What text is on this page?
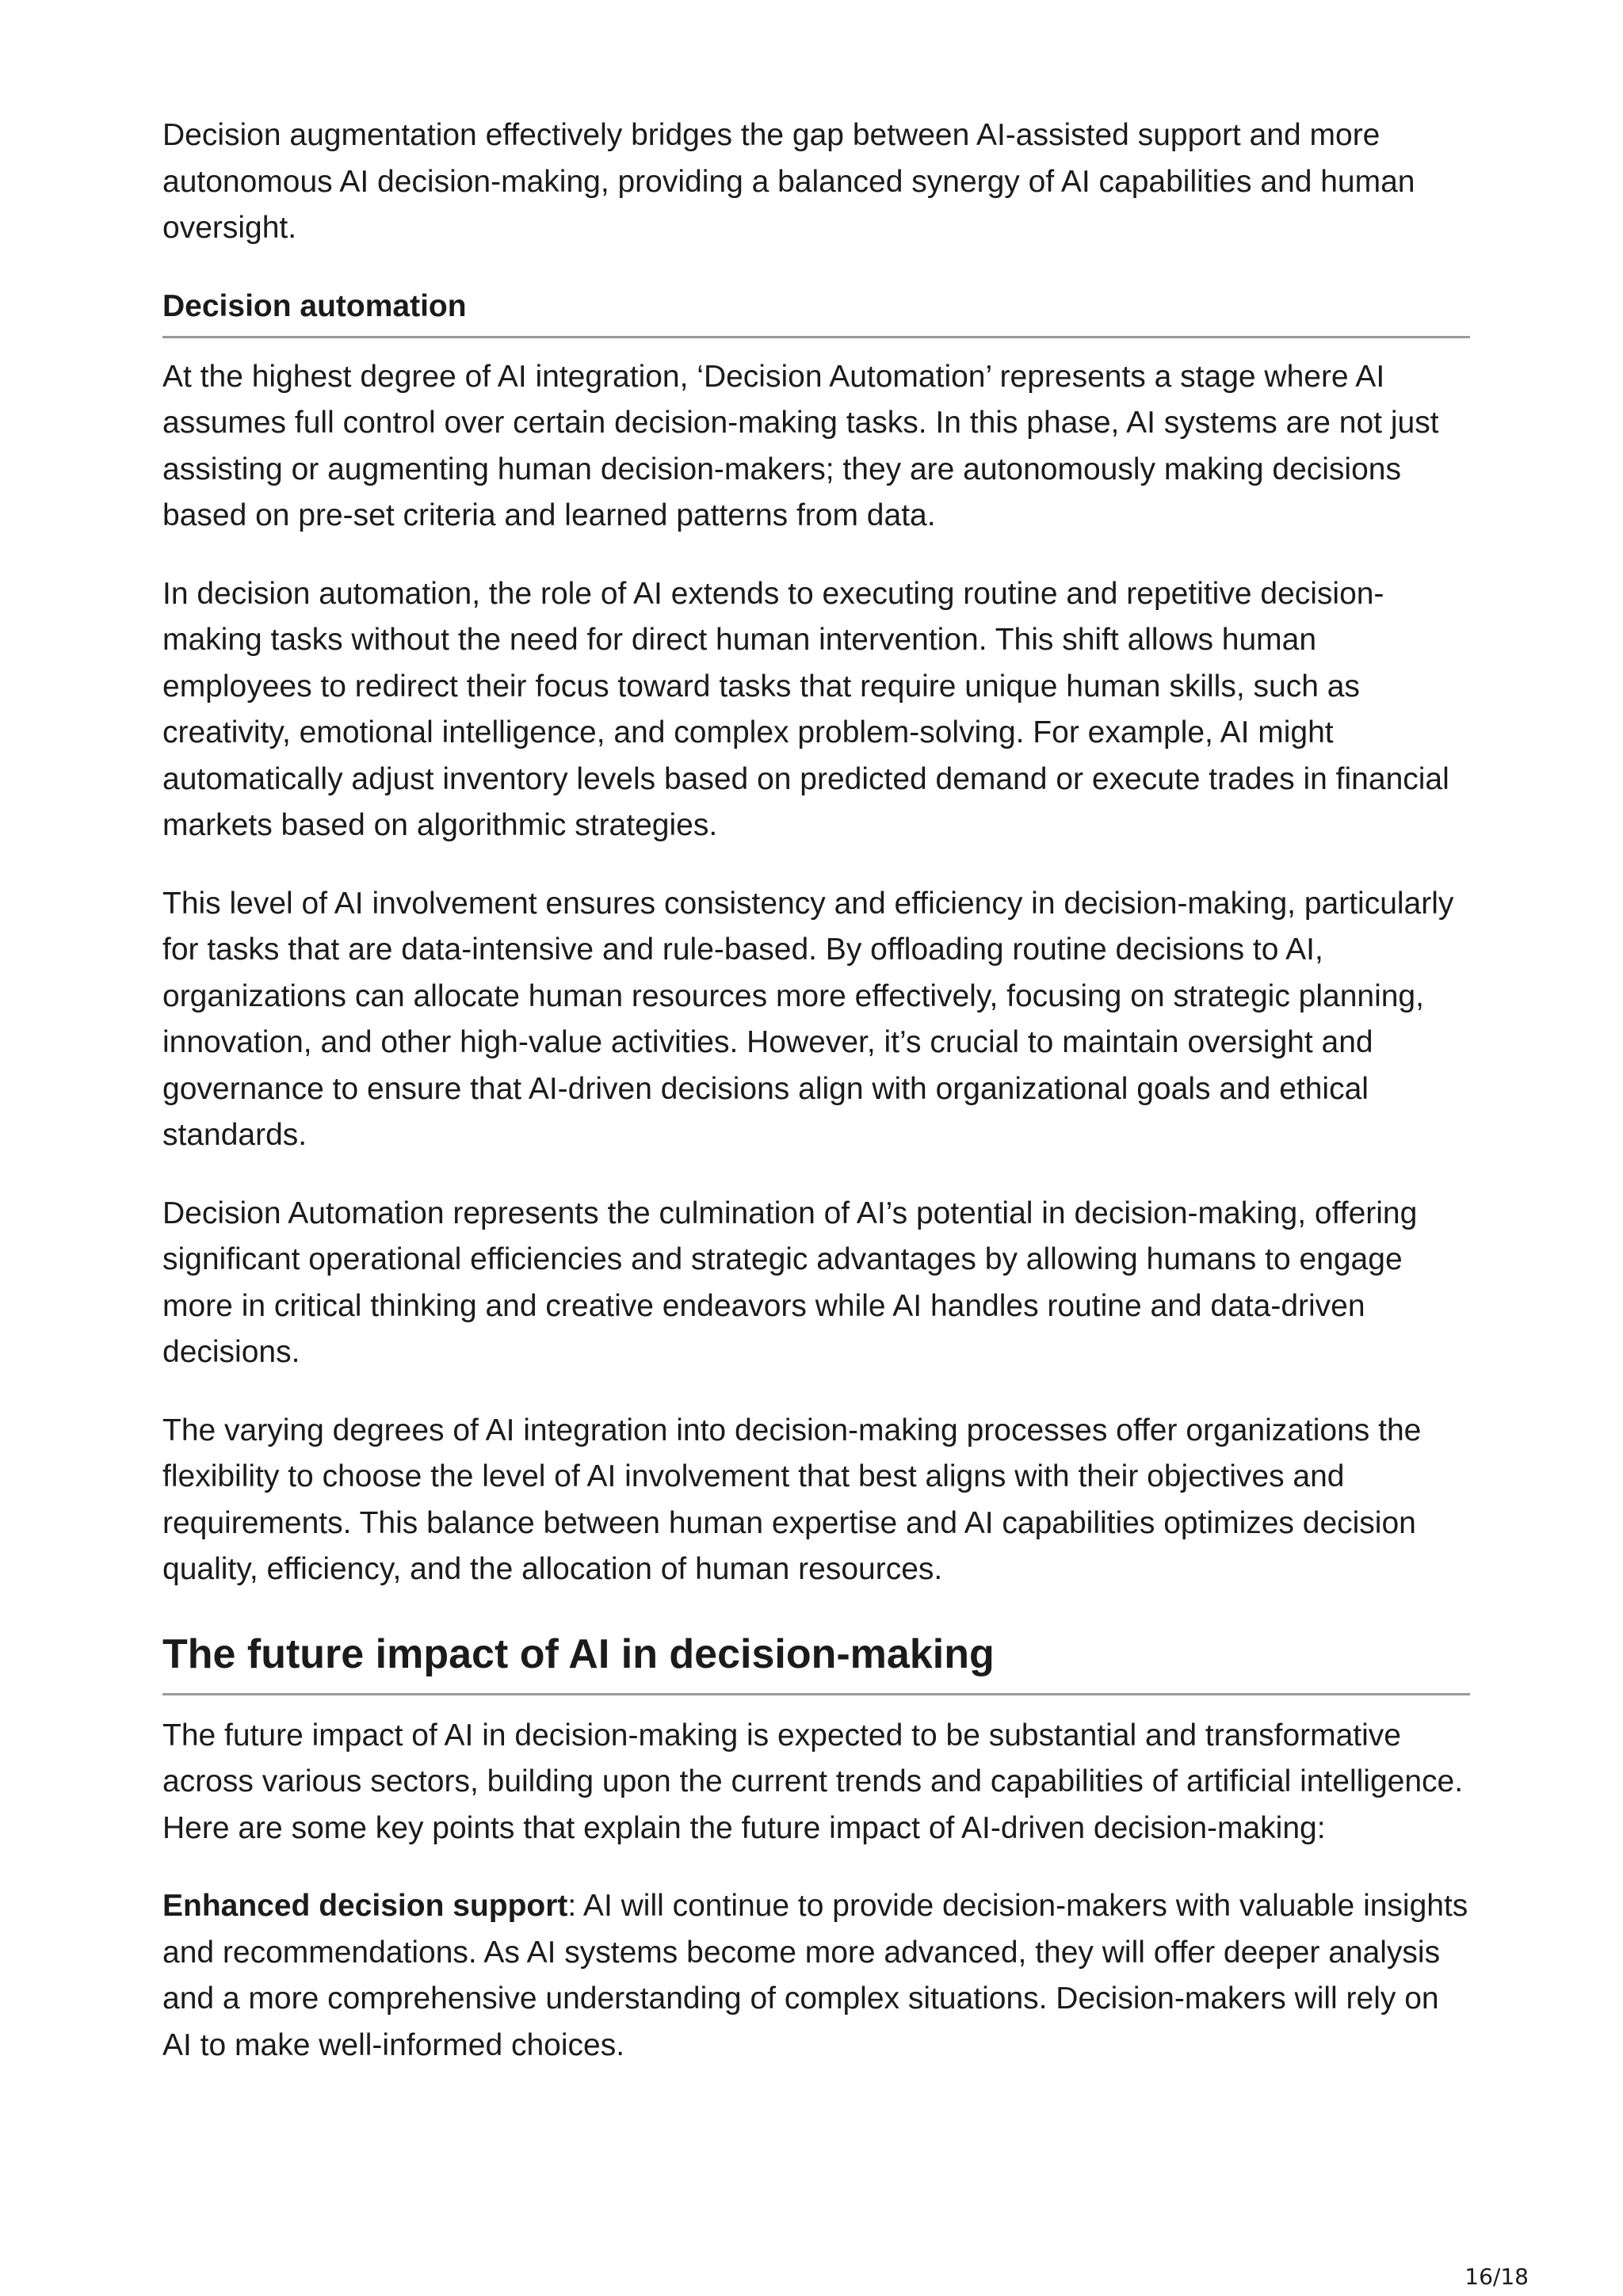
Decision augmentation effectively bridges the gap between AI-assisted support and more autonomous AI decision-making, providing a balanced synergy of AI capabilities and human oversight.

Decision automation

At the highest degree of AI integration, ‘Decision Automation’ represents a stage where AI assumes full control over certain decision-making tasks. In this phase, AI systems are not just assisting or augmenting human decision-makers; they are autonomously making decisions based on pre-set criteria and learned patterns from data.

In decision automation, the role of AI extends to executing routine and repetitive decision-making tasks without the need for direct human intervention. This shift allows human employees to redirect their focus toward tasks that require unique human skills, such as creativity, emotional intelligence, and complex problem-solving. For example, AI might automatically adjust inventory levels based on predicted demand or execute trades in financial markets based on algorithmic strategies.

This level of AI involvement ensures consistency and efficiency in decision-making, particularly for tasks that are data-intensive and rule-based. By offloading routine decisions to AI, organizations can allocate human resources more effectively, focusing on strategic planning, innovation, and other high-value activities. However, it’s crucial to maintain oversight and governance to ensure that AI-driven decisions align with organizational goals and ethical standards.

Decision Automation represents the culmination of AI’s potential in decision-making, offering significant operational efficiencies and strategic advantages by allowing humans to engage more in critical thinking and creative endeavors while AI handles routine and data-driven decisions.

The varying degrees of AI integration into decision-making processes offer organizations the flexibility to choose the level of AI involvement that best aligns with their objectives and requirements. This balance between human expertise and AI capabilities optimizes decision quality, efficiency, and the allocation of human resources.

The future impact of AI in decision-making

The future impact of AI in decision-making is expected to be substantial and transformative across various sectors, building upon the current trends and capabilities of artificial intelligence. Here are some key points that explain the future impact of AI-driven decision-making:

Enhanced decision support: AI will continue to provide decision-makers with valuable insights and recommendations. As AI systems become more advanced, they will offer deeper analysis and a more comprehensive understanding of complex situations. Decision-makers will rely on AI to make well-informed choices.

16/18
